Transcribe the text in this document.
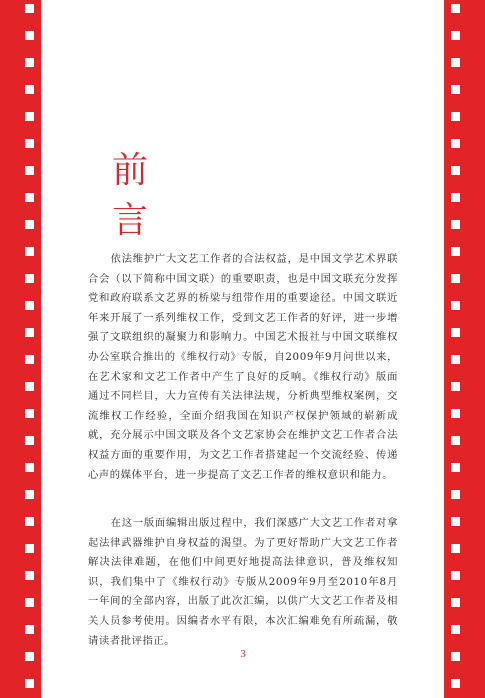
前
言

依法维护广大文艺工作者的合法权益，是中国文学艺术界联合会（以下简称中国文联）的重要职责，也是中国文联充分发挥党和政府联系文艺界的桥梁与纽带作用的重要途径。中国文联近年来开展了一系列维权工作，受到文艺工作者的好评，进一步增强了文联组织的凝聚力和影响力。中国艺术报社与中国文联维权办公室联合推出的《维权行动》专版，自2009年9月问世以来，在艺术家和文艺工作者中产生了良好的反响。《维权行动》版面通过不同栏目，大力宣传有关法律法规，分析典型维权案例，交流维权工作经验，全面介绍我国在知识产权保护领域的崭新成就，充分展示中国文联及各个文艺家协会在维护文艺工作者合法权益方面的重要作用，为文艺工作者搭建起一个交流经验、传递心声的媒体平台，进一步提高了文艺工作者的维权意识和能力。

在这一版面编辑出版过程中，我们深感广大文艺工作者对拿起法律武器维护自身权益的渴望。为了更好帮助广大文艺工作者解决法律难题，在他们中间更好地提高法律意识，普及维权知识，我们集中了《维权行动》专版从2009年9月至2010年8月一年间的全部内容，出版了此次汇编，以供广大文艺工作者及相关人员参考使用。因编者水平有限，本次汇编难免有所疏漏，敬请读者批评指正。

3
